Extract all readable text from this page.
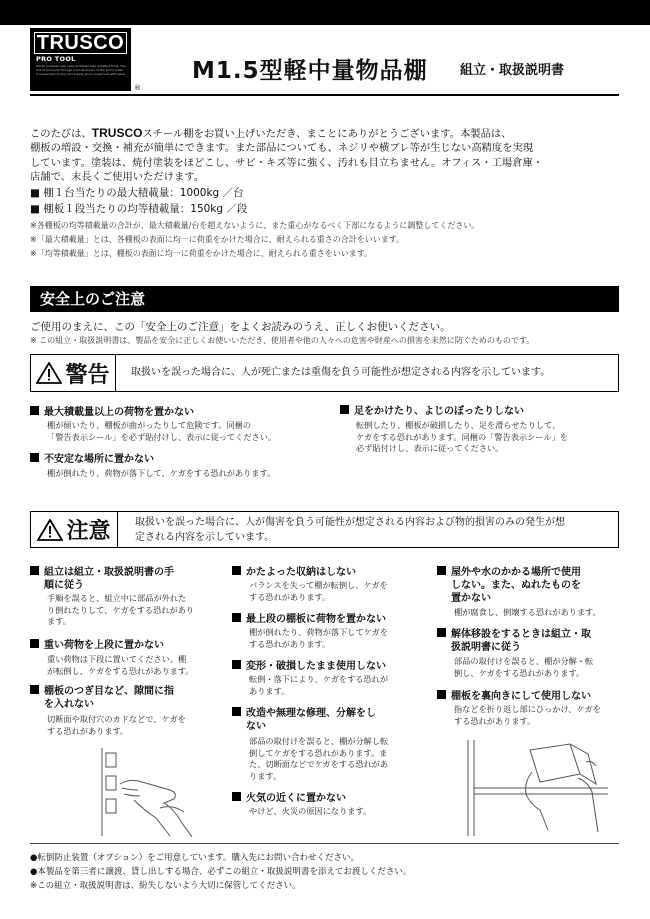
TRUSCO
PRO TOOL
Whilst professionals need professionally qualified tools. The line of products through manufacturers of the world make it convenient to buy and supply good equipment with ease.
®
M1.5型軽中量物品棚 組立・取扱説明書
このたびは、TRUSCOスチール棚をお買い上げいただき、まことにありがとうございます。本製品は、
棚板の増設・交換・補充が簡単にできます。また部品についても、ネジリや横ブレ等が生じない高精度を実現
しています。塗装は、焼付塗装をほどこし、サビ・キズ等に強く、汚れも目立ちません。オフィス・工場倉庫・
店舗で、末長くご使用いただけます。
■ 棚１台当たりの最大積載量：1000kg ／台
■ 棚板１段当たりの均等積載量：150kg ／段
※各棚板の均等積載量の合計が、最大積載量/台を超えないように、また重心がなるべく下部になるように調整してください。
※「最大積載量」とは、各棚板の表面に均一に荷重をかけた場合に、耐えられる重さの合計をいいます。
※「均等積載量」とは、棚板の表面に均一に荷重をかけた場合に、耐えられる重さをいいます。
安全上のご注意
ご使用のまえに、この「安全上のご注意」をよくお読みのうえ、正しくお使いください。
※ この組立・取扱説明書は、製品を安全に正しくお使いいただき、使用者や他の人々への危害や財産への損害を未然に防ぐためのものです。
警告 取扱いを誤った場合に、人が死亡または重傷を負う可能性が想定される内容を示しています。
最大積載量以上の荷物を置かない
棚が傾いたり、棚板が曲がったりして危険です。同梱の
「警告表示シール」を必ず貼付けし、表示に従ってください。
不安定な場所に置かない
棚が倒れたり、荷物が落下して、ケガをする恐れがあります。
足をかけたり、よじのぼったりしない
転倒したり、棚板が破損したり、足を滑らせたりして、
ケガをする恐れがあります。同梱の「警告表示シール」を
必ず貼付けし、表示に従ってください。
注意 取扱いを誤った場合に、人が傷害を負う可能性が想定される内容および物的損害のみの発生が想
定される内容を示しています。
組立は組立・取扱説明書の手
順に従う
手順を誤ると、組立中に部品が外れた
り倒れたりして、ケガをする恐れがあり
ます。
重い荷物を上段に置かない
重い荷物は下段に置いてください。棚
が転倒し、ケガをする恐れがあります。
棚板のつぎ目など、隙間に指
を入れない
切断面や取付穴のカドなどで、ケガを
する恐れがあります。
かたよった収納はしない
バランスを失って棚が転倒し、ケガを
する恐れがあります。
最上段の棚板に荷物を置かない
棚が倒れたり、荷物が落下してケガを
する恐れがあります。
変形・破損したまま使用しない
転倒・落下により、ケガをする恐れが
あります。
改造や無理な修理、分解をし
ない
部品の取付けを誤ると、棚が分解し転
倒してケガをする恐れがあります。ま
た、切断面などでケガをする恐れがあ
ります。
火気の近くに置かない
やけど、火災の原因になります。
屋外や水のかかる場所で使用
しない。また、ぬれたものを
置かない
棚が腐食し、倒壊する恐れがあります。
解体移設をするときは組立・取
扱説明書に従う
部品の取付けを誤ると、棚が分解・転
倒し、ケガをする恐れがあります。
棚板を裏向きにして使用しない
指などを折り返し部にひっかけ、ケガを
する恐れがあります。
●転倒防止装置（オプション）をご用意しています。購入先にお問い合わせください。
●本製品を第三者に譲渡、貸し出しする場合、必ずこの組立・取扱説明書を添えてお渡しください。
※この組立・取扱説明書は、紛失しないよう大切に保管してください。
